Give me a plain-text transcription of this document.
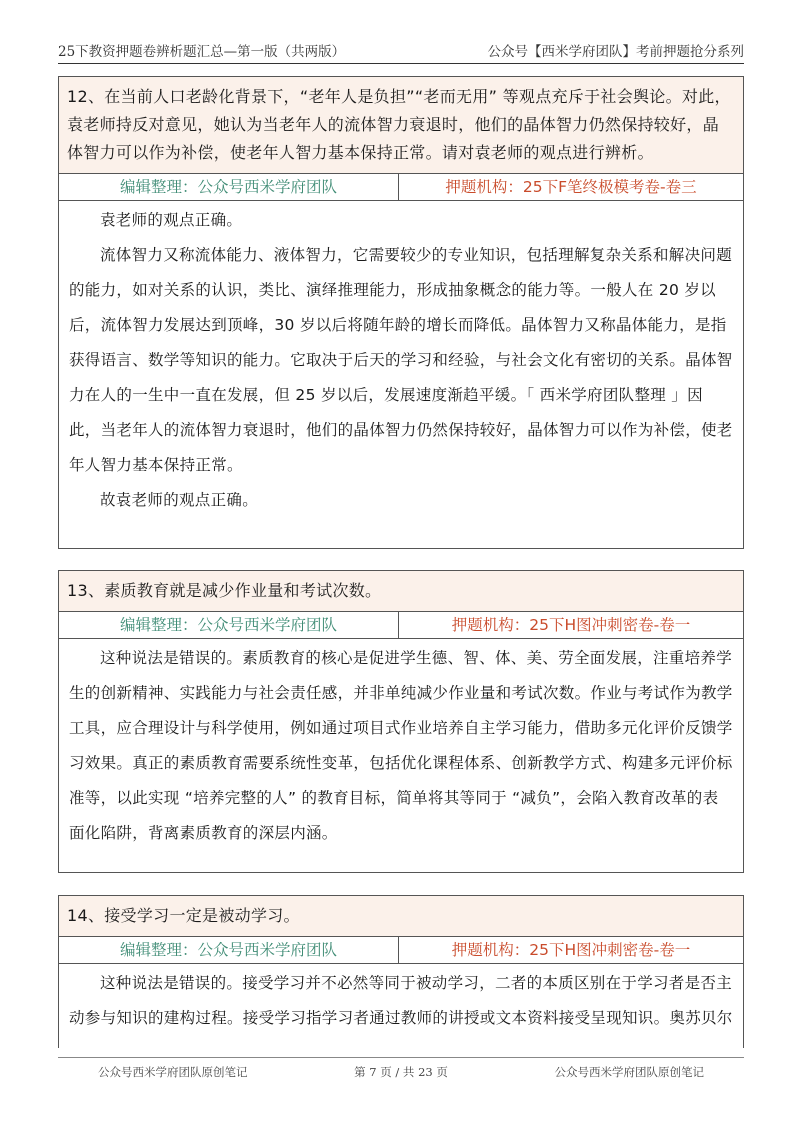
25下教资押题卷辨析题汇总—第一版（共两版）	公众号【西米学府团队】考前押题抢分系列
12、在当前人口老龄化背景下，“老年人是负担”“老而无用” 等观点充斥于社会舆论。对此，袁老师持反对意见，她认为当老年人的流体智力衰退时，他们的晶体智力仍然保持较好，晶体智力可以作为补偿，使老年人智力基本保持正常。请对袁老师的观点进行辨析。
编辑整理：公众号西米学府团队	押题机构：25下F笔终极模考卷-卷三

袁老师的观点正确。

流体智力又称流体能力、液体智力，它需要较少的专业知识，包括理解复杂关系和解决问题的能力，如对关系的认识，类比、演绎推理能力，形成抽象概念的能力等。一般人在 20 岁以后，流体智力发展达到顶峰，30 岁以后将随年龄的增长而降低。晶体智力又称晶体能力，是指获得语言、数学等知识的能力。它取决于后天的学习和经验，与社会文化有密切的关系。晶体智力在人的一生中一直在发展，但 25 岁以后，发展速度渐趋平缓。「 西米学府团队整理 」因此，当老年人的流体智力衰退时，他们的晶体智力仍然保持较好，晶体智力可以作为补偿，使老年人智力基本保持正常。

故袁老师的观点正确。

13、素质教育就是减少作业量和考试次数。
编辑整理：公众号西米学府团队	押题机构：25下H图冲刺密卷-卷一

这种说法是错误的。素质教育的核心是促进学生德、智、体、美、劳全面发展，注重培养学生的创新精神、实践能力与社会责任感，并非单纯减少作业量和考试次数。作业与考试作为教学工具，应合理设计与科学使用，例如通过项目式作业培养自主学习能力，借助多元化评价反馈学习效果。真正的素质教育需要系统性变革，包括优化课程体系、创新教学方式、构建多元评价标准等，以此实现 “培养完整的人” 的教育目标，简单将其等同于 “减负”，会陷入教育改革的表面化陷阱，背离素质教育的深层内涵。

14、接受学习一定是被动学习。
编辑整理：公众号西米学府团队	押题机构：25下H图冲刺密卷-卷一

这种说法是错误的。接受学习并不必然等同于被动学习，二者的本质区别在于学习者是否主动参与知识的建构过程。接受学习指学习者通过教师的讲授或文本资料接受呈现知识。奥苏贝尔

公众号西米学府团队原创笔记	第 7 页 / 共 23 页	公众号西米学府团队原创笔记
